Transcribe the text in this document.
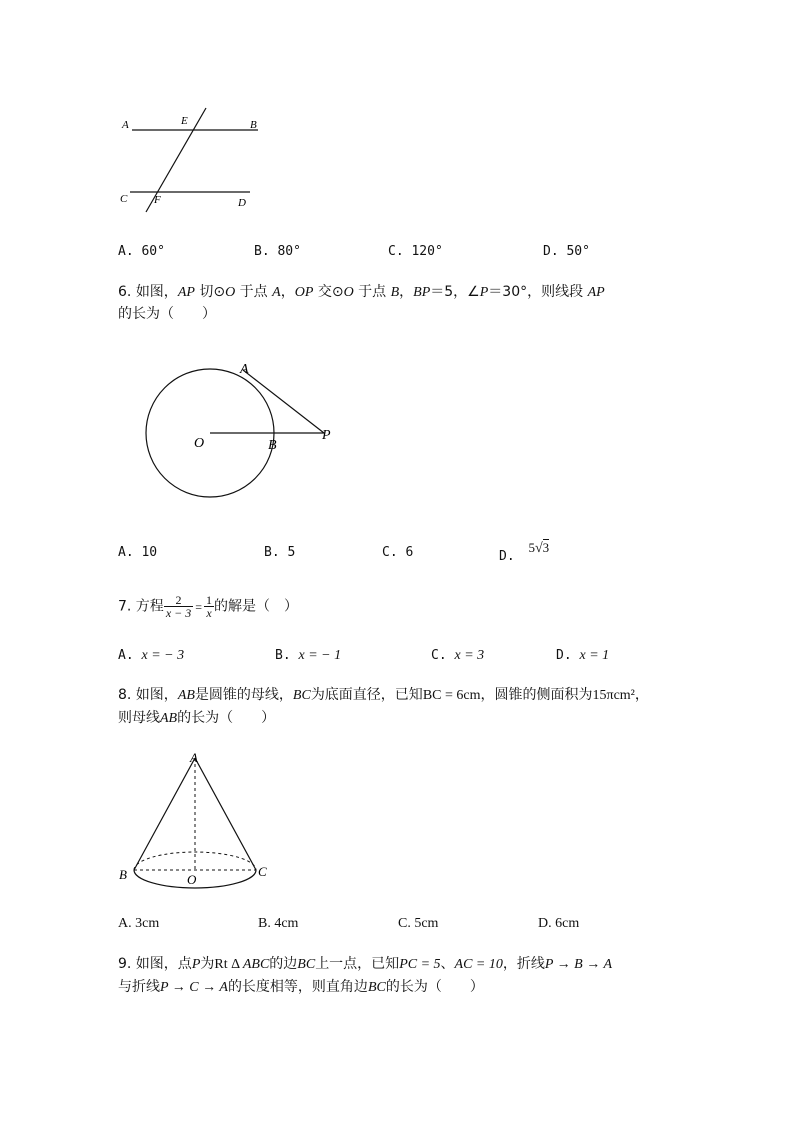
A	E	B
C F	D
A. 60°	B. 80°	C. 120°	D. 50°
6. 如图，AP 切⊙O 于点 A，OP 交⊙O 于点 B，BP＝5，∠P＝30°，则线段 AP
的长为（　　）
A
O	B
P
A. 10	B. 5	C. 6	D. 5√3
7. 方程 $\frac{2}{x - 3} = \frac{1}{x}$ 的解是（　）
A. x = − 3	B. x = − 1	C. x = 3	D. x = 1
8. 如图，AB是圆锥的母线，BC为底面直径，已知BC = 6cm，圆锥的侧面积为15πcm²，
则母线AB的长为（　　）
A
B	O
C
A. 3cm	B. 4cm	C. 5cm	D. 6cm
9. 如图，点P为Rt Δ ABC的边BC上一点，已知PC = 5、AC = 10，折线P → B → A
与折线P → C → A的长度相等，则直角边BC的长为（　　）
